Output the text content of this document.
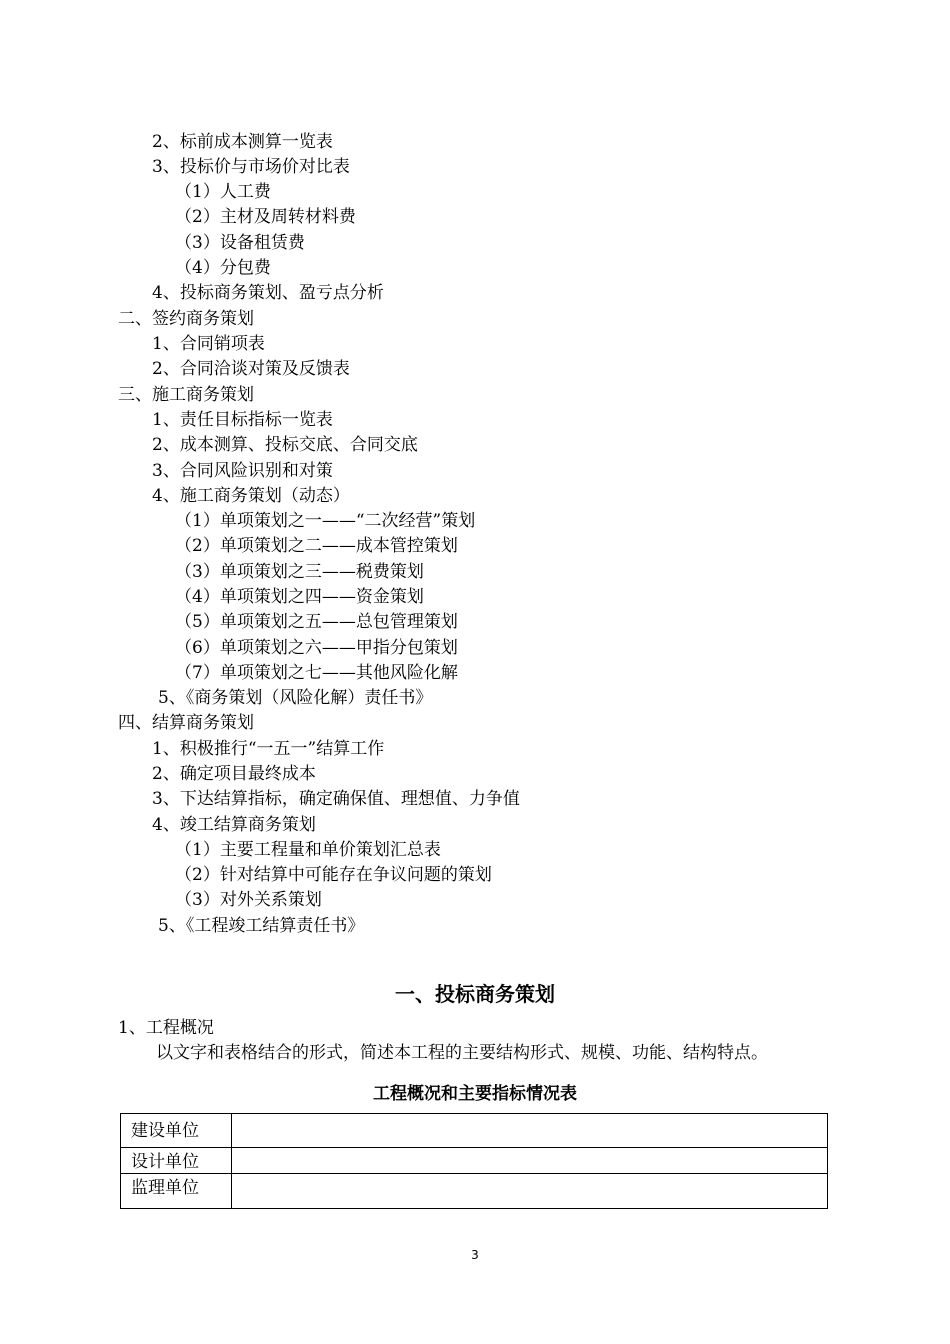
2、标前成本测算一览表
3、投标价与市场价对比表
（1）人工费
（2）主材及周转材料费
（3）设备租赁费
（4）分包费
4、投标商务策划、盈亏点分析
二、签约商务策划
1、合同销项表
2、合同洽谈对策及反馈表
三、施工商务策划
1、责任目标指标一览表
2、成本测算、投标交底、合同交底
3、合同风险识别和对策
4、施工商务策划（动态）
（1）单项策划之一——“二次经营”策划
（2）单项策划之二——成本管控策划
（3）单项策划之三——税费策划
（4）单项策划之四——资金策划
（5）单项策划之五——总包管理策划
（6）单项策划之六——甲指分包策划
（7）单项策划之七——其他风险化解
5、《商务策划（风险化解）责任书》
四、结算商务策划
1、积极推行“一五一”结算工作
2、确定项目最终成本
3、下达结算指标，确定确保值、理想值、力争值
4、竣工结算商务策划
（1）主要工程量和单价策划汇总表
（2）针对结算中可能存在争议问题的策划
（3）对外关系策划
5、《工程竣工结算责任书》
一、投标商务策划
1、工程概况
以文字和表格结合的形式，简述本工程的主要结构形式、规模、功能、结构特点。
工程概况和主要指标情况表
建设单位
设计单位
监理单位
3
